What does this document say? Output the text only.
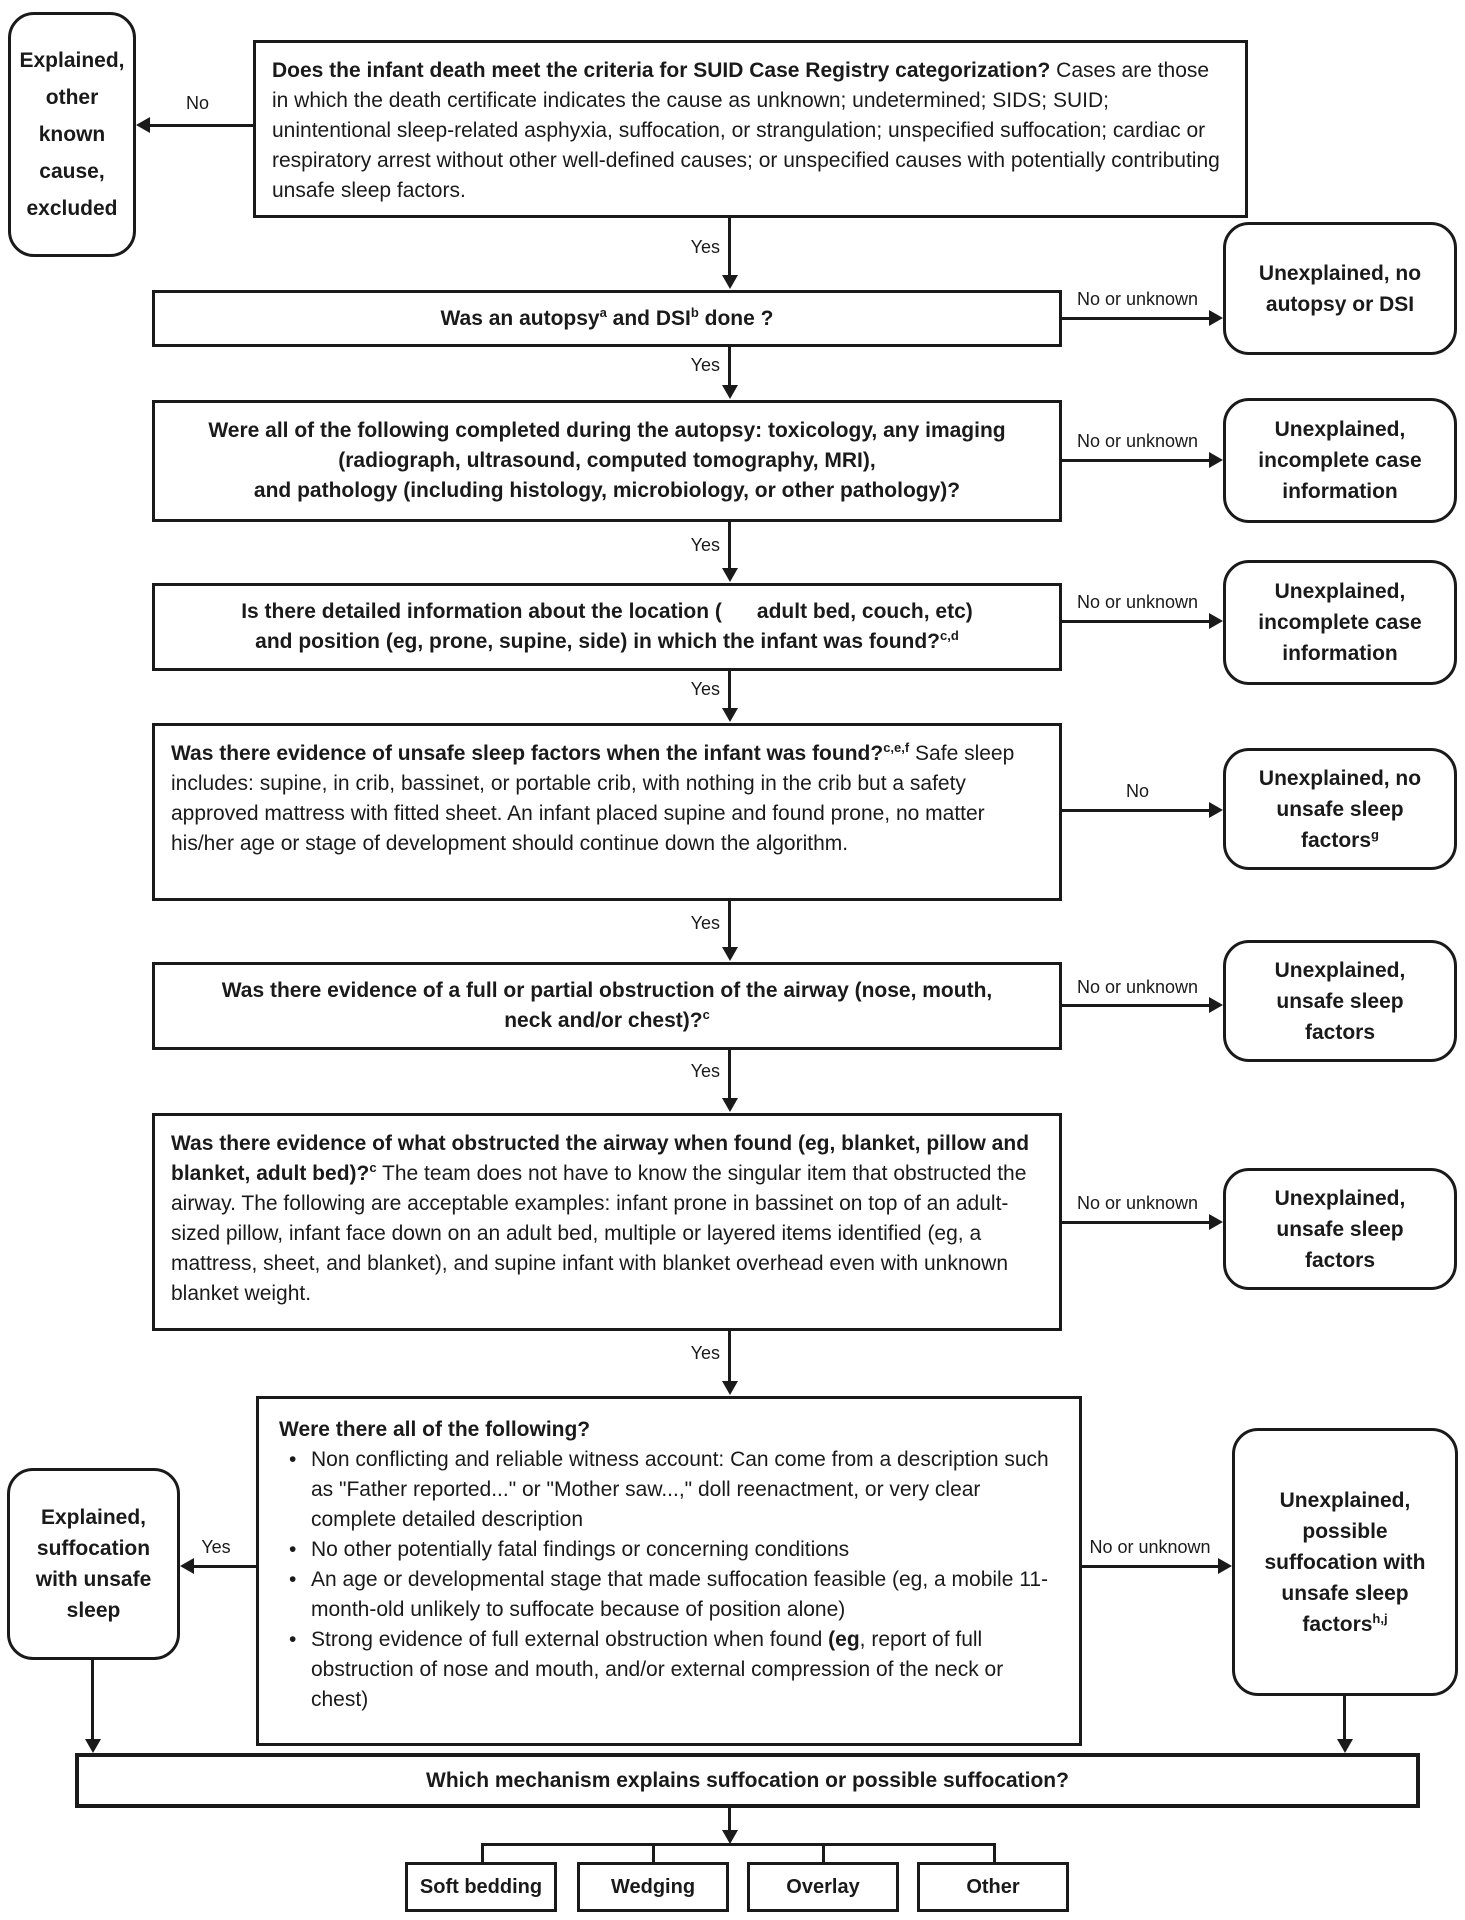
Explained, other known cause, excluded
Does the infant death meet the criteria for SUID Case Registry categorization? Cases are those in which the death certificate indicates the cause as unknown; undetermined; SIDS; SUID; unintentional sleep-related asphyxia, suffocation, or strangulation; unspecified suffocation; cardiac or respiratory arrest without other well-defined causes; or unspecified causes with potentially contributing unsafe sleep factors.
No
Yes
Was an autopsy$^a$ and DSI$^b$ done ?
No or unknown
Unexplained, no autopsy or DSI
Yes
Were all of the following completed during the autopsy: toxicology, any imaging
(radiograph, ultrasound, computed tomography, MRI),
and pathology (including histology, microbiology, or other pathology)?
No or unknown	Unexplained, incomplete case information
Yes
Is there detailed information about the location (      adult bed, couch, etc)
and position (eg, prone, supine, side) in which the infant was found?$^{c,d}$
No or unknown	Unexplained, incomplete case information
Yes
Was there evidence of unsafe sleep factors when the infant was found?$^{c,e,f}$ Safe sleep includes: supine, in crib, bassinet, or portable crib, with nothing in the crib but a safety approved mattress with fitted sheet. An infant placed supine and found prone, no matter his/her age or stage of development should continue down the algorithm.
No
Unexplained, no unsafe sleep factors$^g$
Yes
Was there evidence of a full or partial obstruction of the airway (nose, mouth,
neck and/or chest)?$^c$
No or unknown
Unexplained, unsafe sleep factors
Yes
Was there evidence of what obstructed the airway when found (eg, blanket, pillow and blanket, adult bed)?$^c$ The team does not have to know the singular item that obstructed the airway. The following are acceptable examples: infant prone in bassinet on top of an adult-sized pillow, infant face down on an adult bed, multiple or layered items identified (eg, a mattress, sheet, and blanket), and supine infant with blanket overhead even with unknown blanket weight.
No or unknown	Unexplained, unsafe sleep factors
Yes
Were there all of the following?
• Non conflicting and reliable witness account: Can come from a description such as "Father reported..." or "Mother saw...," doll reenactment, or very clear complete detailed description
• No other potentially fatal findings or concerning conditions
• An age or developmental stage that made suffocation feasible (eg, a mobile 11-month-old unlikely to suffocate because of position alone)
• Strong evidence of full external obstruction when found (eg, report of full obstruction of nose and mouth, and/or external compression of the neck or chest)
Yes
Explained, suffocation with unsafe sleep
No or unknown
Unexplained, possible suffocation with unsafe sleep factors$^{h,j}$
Which mechanism explains suffocation or possible suffocation?
Soft bedding	Wedging	Overlay	Other
